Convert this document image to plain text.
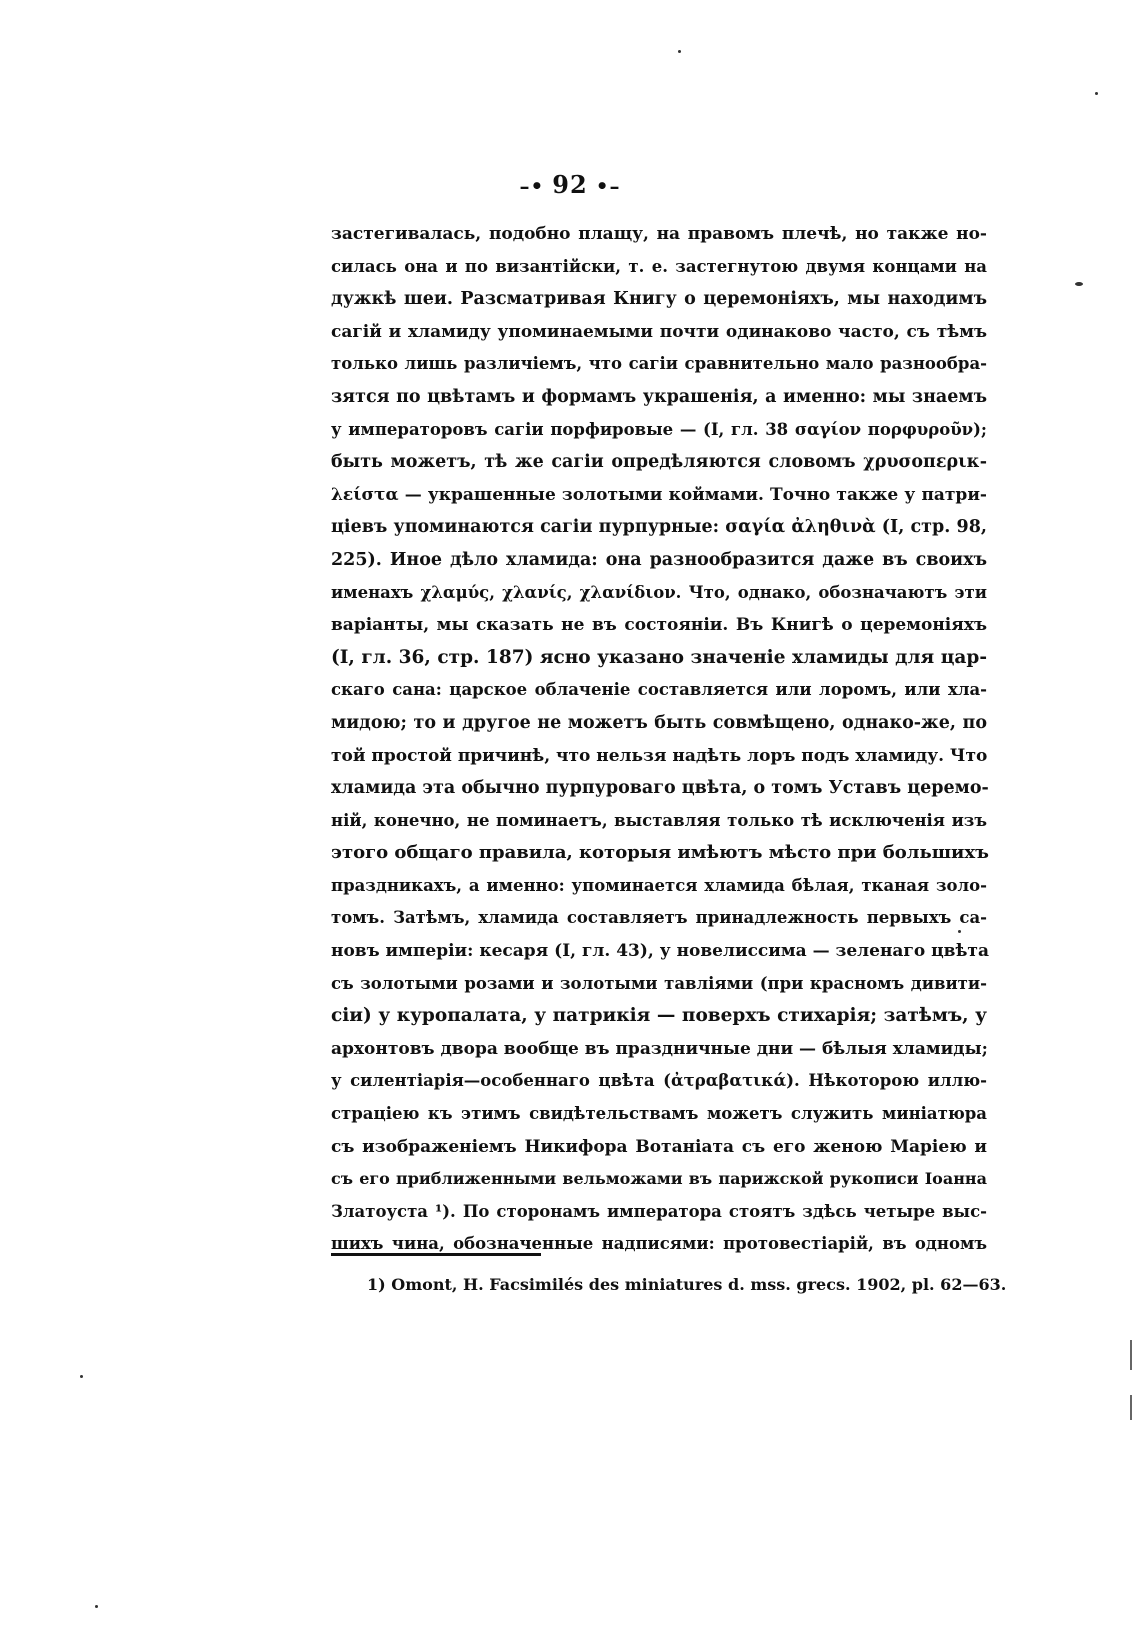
–• 92 •–
застегивалась, подобно плащу, на правомъ плечѣ, но также но-
силась она и по византійски, т. е. застегнутою двумя концами на
дужкѣ шеи. Разсматривая Книгу о церемоніяхъ, мы находимъ
сагій и хламиду упоминаемыми почти одинаково часто, съ тѣмъ
только лишь различіемъ, что сагіи сравнительно мало разнообра-
зятся по цвѣтамъ и формамъ украшенія, а именно: мы знаемъ
у императоровъ сагіи порфировые — (I, гл. 38 σαγίον πορφυροῦν);
быть можетъ, тѣ же сагіи опредѣляются словомъ χρυσοπερικ-
λείστα — украшенные золотыми коймами. Точно также у патри-
ціевъ упоминаются сагіи пурпурные: σαγία ἀληθινὰ (I, стр. 98,
225). Иное дѣло хламида: она разнообразится даже въ своихъ
именахъ χλαμύς, χλανίς, χλανίδιον. Что, однако, обозначаютъ эти
варіанты, мы сказать не въ состояніи. Въ Книгѣ о церемоніяхъ
(I, гл. 36, стр. 187) ясно указано значеніе хламиды для цар-
скаго сана: царское облаченіе составляется или лоромъ, или хла-
мидою; то и другое не можетъ быть совмѣщено, однако-же, по
той простой причинѣ, что нельзя надѣть лоръ подъ хламиду. Что
хламида эта обычно пурпуроваго цвѣта, о томъ Уставъ церемо-
ній, конечно, не поминаетъ, выставляя только тѣ исключенія изъ
этого общаго правила, которыя имѣютъ мѣсто при большихъ
праздникахъ, а именно: упоминается хламида бѣлая, тканая золо-
томъ. Затѣмъ, хламида составляетъ принадлежность первыхъ са-
новъ имперіи: кесаря (I, гл. 43), у новелиссима — зеленаго цвѣта
съ золотыми розами и золотыми тавліями (при красномъ дивити-
сіи) у куропалата, у патрикія — поверхъ стихарія; затѣмъ, у
архонтовъ двора вообще въ праздничные дни — бѣлыя хламиды;
у силентіарія—особеннаго цвѣта (ἀτραβατικά). Нѣкоторою иллю-
страціею къ этимъ свидѣтельствамъ можетъ служить миніатюра
съ изображеніемъ Никифора Вотаніата съ его женою Маріею и
съ его приближенными вельможами въ парижской рукописи Іоанна
Златоуста ¹). По сторонамъ императора стоятъ здѣсь четыре выс-
шихъ чина, обозначенные надписями: протовестіарій, въ одномъ
1) Omont, H. Facsimilés des miniatures d. mss. grecs. 1902, pl. 62—63.
